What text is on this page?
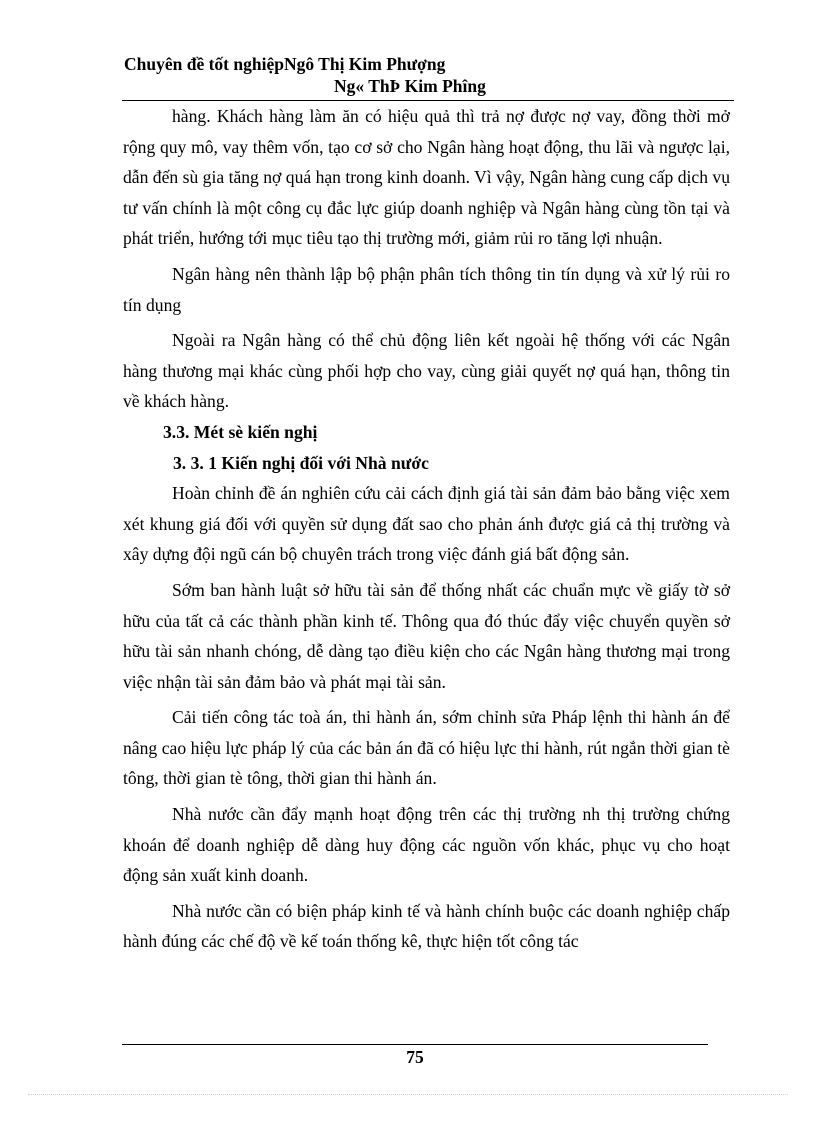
Chuyên đề tốt nghiệpNgô Thị Kim Phượng
Ng« ThÞ Kim Phîng

hàng. Khách hàng làm ăn có hiệu quả thì trả nợ được nợ vay, đồng thời mở rộng quy mô, vay thêm vốn, tạo cơ sở cho Ngân hàng hoạt động, thu lãi và ngược lại, dẫn đến sù gia tăng nợ quá hạn trong kinh doanh. Vì vậy, Ngân hàng cung cấp dịch vụ tư vấn chính là một công cụ đắc lực giúp doanh nghiệp và Ngân hàng cùng tồn tại và phát triển, hướng tới mục tiêu tạo thị trường mới, giảm rủi ro tăng lợi nhuận.

Ngân hàng nên thành lập bộ phận phân tích thông tin tín dụng và xử lý rủi ro tín dụng

Ngoài ra Ngân hàng có thể chủ động liên kết ngoài hệ thống với các Ngân hàng thương mại khác cùng phối hợp cho vay, cùng giải quyết nợ quá hạn, thông tin về khách hàng.

3.3. Mét sè kiến nghị

3. 3. 1 Kiến nghị đối với Nhà nước

Hoàn chỉnh đề án nghiên cứu cải cách định giá tài sản đảm bảo bằng việc xem xét khung giá đối với quyền sử dụng đất sao cho phản ánh được giá cả thị trường và xây dựng đội ngũ cán bộ chuyên trách trong việc đánh giá bất động sản.

Sớm ban hành luật sở hữu tài sản để thống nhất các chuẩn mực về giấy tờ sở hữu của tất cả các thành phần kinh tế. Thông qua đó thúc đẩy việc chuyển quyền sở hữu tài sản nhanh chóng, dễ dàng tạo điều kiện cho các Ngân hàng thương mại trong việc nhận tài sản đảm bảo và phát mại tài sản.

Cải tiến công tác toà án, thi hành án, sớm chỉnh sửa Pháp lệnh thi hành án để nâng cao hiệu lực pháp lý của các bản án đã có hiệu lực thi hành, rút ngắn thời gian tè tông, thời gian tè tông, thời gian thi hành án.

Nhà nước cần đẩy mạnh hoạt động trên các thị trường nh thị trường chứng khoán để doanh nghiệp dễ dàng huy động các nguồn vốn khác, phục vụ cho hoạt động sản xuất kinh doanh.

Nhà nước cần có biện pháp kinh tế và hành chính buộc các doanh nghiệp chấp hành đúng các chế độ về kế toán thống kê, thực hiện tốt công tác

75
